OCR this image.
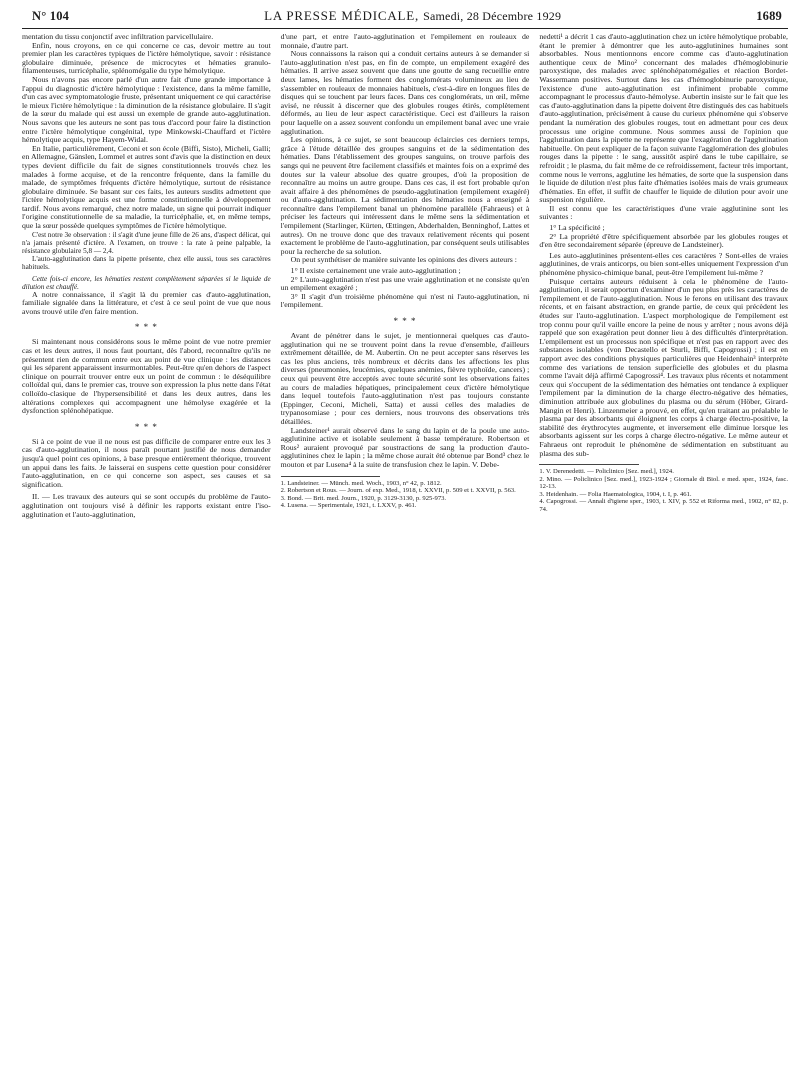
N° 104	LA PRESSE MÉDICALE, Samedi, 28 Décembre 1929	1689

mentation du tissu conjonctif avec infiltration parvicellulaire.

Enfin, nous croyons, en ce qui concerne ce cas, devoir mettre au tout premier plan les caractères typiques de l'ictère hémolytique, savoir : résistance globulaire diminuée, présence de microcytes et hématies granulo-filamenteuses, turricéphalie, splénomégalie du type hémolytique.

Nous n'avons pas encore parlé d'un autre fait d'une grande importance à l'appui du diagnostic d'ictère hémolytique : l'existence, dans la même famille, d'un cas avec symptomatologie fruste, présentant uniquement ce qui caractérise le mieux l'ictère hémolytique : la diminution de la résistance globulaire. Il s'agit de la sœur du malade qui est aussi un exemple de grande auto-agglutination. Nous savons que les auteurs ne sont pas tous d'accord pour faire la distinction entre l'ictère hémolytique congénital, type Minkowski-Chauffard et l'ictère hémolytique acquis, type Hayem-Widal.

En Italie, particulièrement, Ceconi et son école (Biffi, Sisto), Micheli, Galli; en Allemagne, Gänslen, Lommel et autres sont d'avis que la distinction en deux types devient difficile du fait de signes constitutionnels trouvés chez les malades à forme acquise, et de la rencontre fréquente, dans la famille du malade, de symptômes fréquents d'ictère hémolytique, surtout de résistance globulaire diminuée. Se basant sur ces faits, les auteurs susdits admettent que l'ictère hémolytique acquis est une forme constitutionnelle à développement tardif. Nous avons remarqué, chez notre malade, un signe qui pourrait indiquer l'origine constitutionnelle de sa maladie, la turricéphalie, et, en même temps, que la sœur possède quelques symptômes de l'ictère hémolytique.

C'est notre 3e observation : il s'agit d'une jeune fille de 26 ans, d'aspect délicat, qui n'a jamais présenté d'ictère. A l'examen, on trouve : la rate à peine palpable, la résistance globulaire 5,8 — 2,4.

L'auto-agglutination dans la pipette présente, chez elle aussi, tous ses caractères habituels.

Cette fois-ci encore, les hématies restent complètement séparées si le liquide de dilution est chauffé.

A notre connaissance, il s'agit là du premier cas d'auto-agglutination, familiale signalée dans la littérature, et c'est à ce seul point de vue que nous avons trouvé utile d'en faire mention.

* * *

Si maintenant nous considérons sous le même point de vue notre premier cas et les deux autres, il nous faut pourtant, dès l'abord, reconnaître qu'ils ne présentent rien de commun entre eux au point de vue clinique : les distances qui les séparent apparaissent insurmontables. Peut-être qu'en dehors de l'aspect clinique on pourrait trouver entre eux un point de commun : le déséquilibre colloïdal qui, dans le premier cas, trouve son expression la plus nette dans l'état colloïdo-clasique de l'hypersensibilité et dans les deux autres, dans les altérations complexes qui accompagnent une hémolyse exagérée et la dysfonction splénohépatique.

* * *

Si à ce point de vue il ne nous est pas difficile de comparer entre eux les 3 cas d'auto-agglutination, il nous paraît pourtant justifié de nous demander jusqu'à quel point ces opinions, à base presque entièrement théorique, trouvent un appui dans les faits. Je laisserai en suspens cette question pour considérer l'auto-agglutination, en ce qui concerne son aspect, ses causes et sa signification.

II. — Les travaux des auteurs qui se sont occupés du problème de l'auto-agglutination ont toujours visé à définir les rapports existant entre l'iso-agglutination et l'auto-agglutination,

d'une part, et entre l'auto-agglutination et l'empilement en rouleaux de monnaie, d'autre part.

Nous connaissons la raison qui a conduit certains auteurs à se demander si l'auto-agglutination n'est pas, en fin de compte, un empilement exagéré des hématies. Il arrive assez souvent que dans une goutte de sang recueillie entre deux lames, les hématies forment des conglomérats volumineux au lieu de s'assembler en rouleaux de monnaies habituels, c'est-à-dire en longues files de disques qui se touchent par leurs faces. Dans ces conglomérats, un œil, même avisé, ne réussit à discerner que des globules rouges étirés, complètement déformés, au lieu de leur aspect caractéristique. Ceci est d'ailleurs la raison pour laquelle on a assez souvent confondu un empilement banal avec une vraie agglutination.

Les opinions, à ce sujet, se sont beaucoup éclaircies ces derniers temps, grâce à l'étude détaillée des groupes sanguins et de la sédimentation des hématies. Dans l'établissement des groupes sanguins, on trouve parfois des sangs qui ne peuvent être facilement classifiés et maintes fois on a exprimé des doutes sur la valeur absolue des quatre groupes, d'où la proposition de reconnaître au moins un autre groupe. Dans ces cas, il est fort probable qu'on avait affaire à des phénomènes de pseudo-agglutination (empilement exagéré) ou d'auto-agglutination. La sédimentation des hématies nous a enseigné à reconnaître dans l'empilement banal un phénomène parallèle (Fahraeus) et à préciser les facteurs qui intéressent dans le même sens la sédimentation et l'empilement (Starlinger, Kürten, Œttingen, Abderhalden, Benninghof, Lattes et autres). On ne trouve donc que des travaux relativement récents qui posent exactement le problème de l'auto-agglutination, par conséquent seuls utilisables pour la recherche de sa solution.

On peut synthétiser de manière suivante les opinions des divers auteurs :

1° Il existe certainement une vraie auto-agglutination ;

2° L'auto-agglutination n'est pas une vraie agglutination et ne consiste qu'en un empilement exagéré ;

3° Il s'agit d'un troisième phénomène qui n'est ni l'auto-agglutination, ni l'empilement.

* * *

Avant de pénétrer dans le sujet, je mentionnerai quelques cas d'auto-agglutination qui ne se trouvent point dans la revue d'ensemble, d'ailleurs extrêmement détaillée, de M. Aubertin. On ne peut accepter sans réserves les cas les plus anciens, très nombreux et décrits dans les affections les plus diverses (pneumonies, leucémies, quelques anémies, fièvre typhoïde, cancers) ; ceux qui peuvent être acceptés avec toute sécurité sont les observations faites au cours de maladies hépatiques, principalement ceux d'ictère hémolytique dans lequel toutefois l'auto-agglutination n'est pas toujours constante (Eppinger, Ceconi, Micheli, Satta) et aussi celles des maladies de trypanosomiase ; pour ces derniers, nous trouvons des observations très détaillées.

Landsteiner¹ aurait observé dans le sang du lapin et de la poule une auto-agglutinine active et isolable seulement à basse température. Robertson et Rous² auraient provoqué par soustractions de sang la production d'auto-agglutinines chez le lapin ; la même chose aurait été obtenue par Bond³ chez le mouton et par Lusena⁴ à la suite de transfusion chez le lapin. V. Debe-

1. Landsteiner. — Münch. med. Woch., 1903, n° 42, p. 1812.

2. Robertson et Rous. — Journ. of exp. Med., 1918, t. XXVII, p. 509 et t. XXVII, p. 563.

3. Bond. — Brit. med. Journ., 1920, p. 3129-3130, p. 925-973.

4. Lusena. — Sperimentale, 1921, t. LXXV, p. 461.

nedetti¹ a décrit 1 cas d'auto-agglutination chez un ictère hémolytique probable, étant le premier à démontrer que les auto-agglutinines humaines sont absorbables. Nous mentionnons encore comme cas d'auto-agglutination authentique ceux de Mino² concernant des malades d'hémoglobinurie paroxystique, des malades avec splénohépatomégalies et réaction Bordet-Wassermann positives. Surtout dans les cas d'hémoglobinurie paroxystique, l'existence d'une auto-agglutination est infiniment probable comme accompagnant le processus d'auto-hémolyse. Aubertin insiste sur le fait que les cas d'auto-agglutination dans la pipette doivent être distingués des cas habituels d'auto-agglutination, précisément à cause du curieux phénomène qui s'observe pendant la numération des globules rouges, tout en admettant pour ces deux processus une origine commune. Nous sommes aussi de l'opinion que l'agglutination dans la pipette ne représente que l'exagération de l'agglutination habituelle. On peut expliquer de la façon suivante l'agglomération des globules rouges dans la pipette : le sang, aussitôt aspiré dans le tube capillaire, se refroidit ; le plasma, du fait même de ce refroidissement, facteur très important, comme nous le verrons, agglutine les hématies, de sorte que la suspension dans le liquide de dilution n'est plus faite d'hématies isolées mais de vrais grumeaux d'hématies. En effet, il suffit de chauffer le liquide de dilution pour avoir une suspension régulière.

Il est connu que les caractéristiques d'une vraie agglutinine sont les suivantes :

1° La spécificité ;

2° La propriété d'être spécifiquement absorbée par les globules rouges et d'en être secondairement séparée (épreuve de Landsteiner).

Les auto-agglutinines présentent-elles ces caractères ? Sont-elles de vraies agglutinines, de vrais anticorps, ou bien sont-elles uniquement l'expression d'un phénomène physico-chimique banal, peut-être l'empilement lui-même ?

Puisque certains auteurs réduisent à cela le phénomène de l'auto-agglutination, il serait opportun d'examiner d'un peu plus près les caractères de l'empilement et de l'auto-agglutination. Nous le ferons en utilisant des travaux récents, et en faisant abstraction, en grande partie, de ceux qui précèdent les études sur l'auto-agglutination. L'aspect morphologique de l'empilement est trop connu pour qu'il vaille encore la peine de nous y arrêter ; nous avons déjà rappelé que son exagération peut donner lieu à des difficultés d'interprétation. L'empilement est un processus non spécifique et n'est pas en rapport avec des substances isolables (von Decastello et Sturli, Biffi, Capogrossi) ; il est en rapport avec des conditions physiques particulières que Heidenhain³ interprète comme des variations de tension superficielle des globules et du plasma comme l'avait déjà affirmé Capogrossi⁴. Les travaux plus récents et notamment ceux qui s'occupent de la sédimentation des hématies ont tendance à expliquer l'empilement par la diminution de la charge électro-négative des hématies, diminution attribuée aux globulines du plasma ou du sérum (Höber, Girard-Mangin et Henri). Linzenmeier a prouvé, en effet, qu'en traitant au préalable le plasma par des absorbants qui éloignent les corps à charge électro-positive, la stabilité des érythrocytes augmente, et inversement elle diminue lorsque les absorbants agissent sur les corps à charge électro-négative. Le même auteur et Fahraeus ont reproduit le phénomène de sédimentation en substituant au plasma des sub-

1. V. Derenedetti. — Policlinico [Sez. med.], 1924.

2. Mino. — Policlinico [Sez. med.], 1923-1924 ; Giornale di Biol. e med. sper., 1924, fasc. 12-13.

3. Heidenhain. — Folia Haematologica, 1904, t. I, p. 461.

4. Capogrossi. — Annali d'igiene sper., 1903, t. XIV, p. 552 et Riforma med., 1902, n° 82, p. 74.
